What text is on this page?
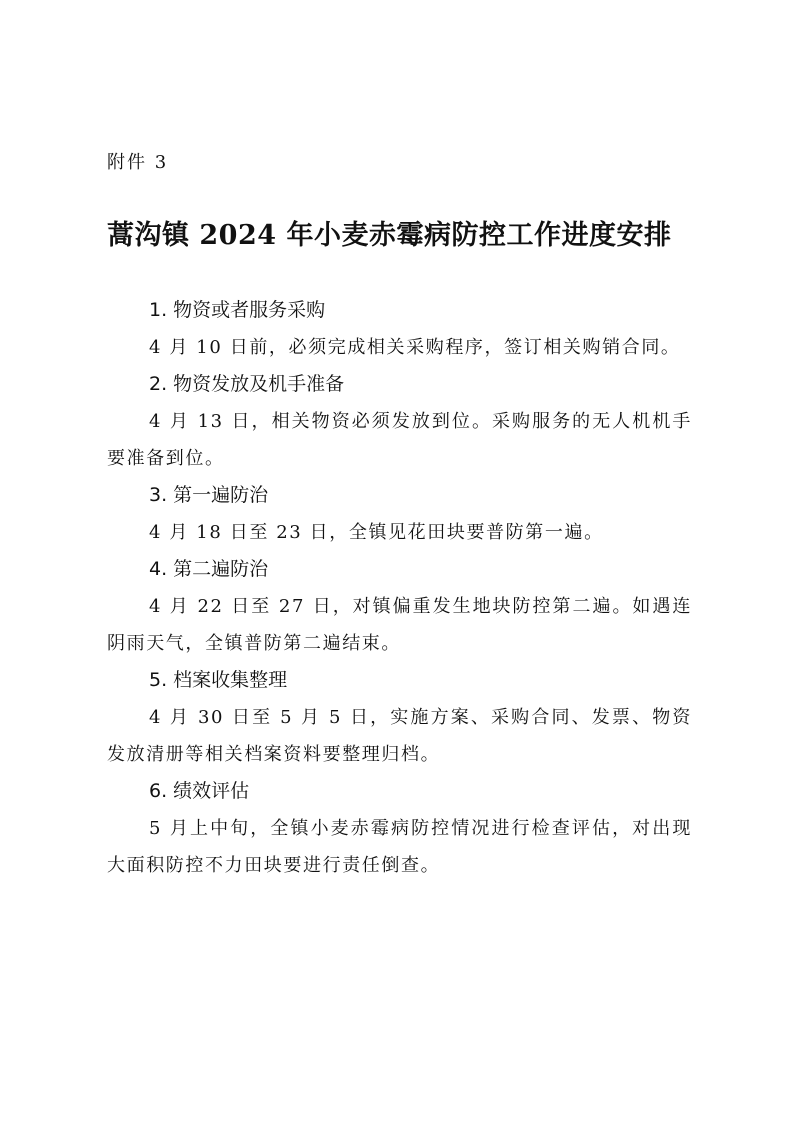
附件 3
蒿沟镇 2024 年小麦赤霉病防控工作进度安排

1. 物资或者服务采购

4 月 10 日前，必须完成相关采购程序，签订相关购销合同。

2. 物资发放及机手准备

4 月 13 日，相关物资必须发放到位。采购服务的无人机机手要准备到位。

3. 第一遍防治

4 月 18 日至 23 日，全镇见花田块要普防第一遍。

4. 第二遍防治

4 月 22 日至 27 日，对镇偏重发生地块防控第二遍。如遇连阴雨天气，全镇普防第二遍结束。

5. 档案收集整理

4 月 30 日至 5 月 5 日，实施方案、采购合同、发票、物资发放清册等相关档案资料要整理归档。

6. 绩效评估

5 月上中旬，全镇小麦赤霉病防控情况进行检查评估，对出现大面积防控不力田块要进行责任倒查。
